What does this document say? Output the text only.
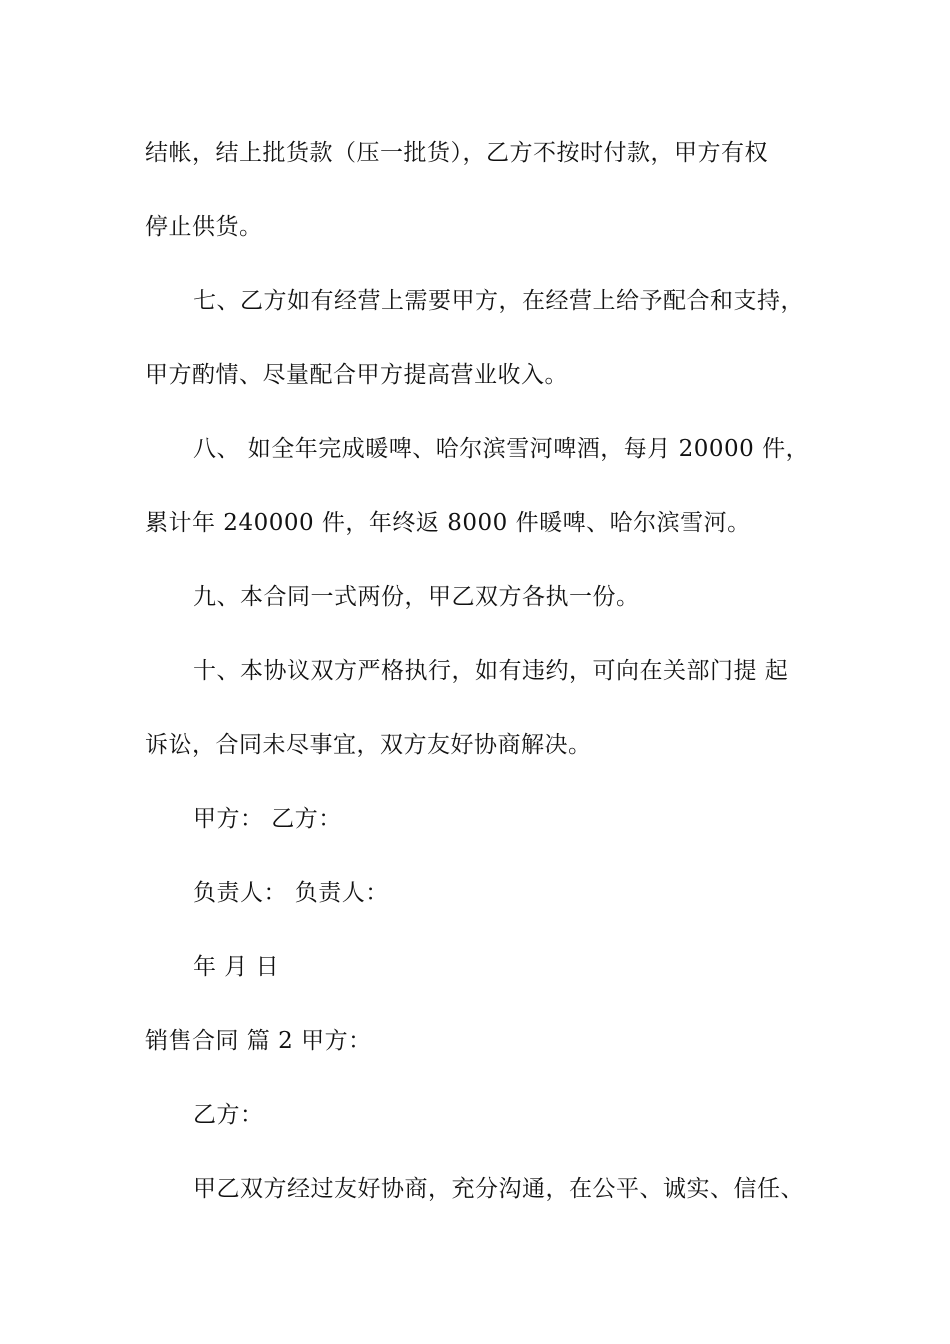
结帐，结上批货款（压一批货），乙方不按时付款，甲方有权
停止供货。
七、乙方如有经营上需要甲方，在经营上给予配合和支持，
甲方酌情、尽量配合甲方提高营业收入。
八、 如全年完成暖啤、哈尔滨雪河啤酒，每月 20000 件，
累计年 240000 件，年终返 8000 件暖啤、哈尔滨雪河。
九、本合同一式两份，甲乙双方各执一份。
十、本协议双方严格执行，如有违约，可向在关部门提 起
诉讼，合同未尽事宜，双方友好协商解决。
甲方： 乙方：
负责人： 负责人：
年 月 日
销售合同 篇 2 甲方：
乙方：
甲乙双方经过友好协商，充分沟通，在公平、诚实、信任、
